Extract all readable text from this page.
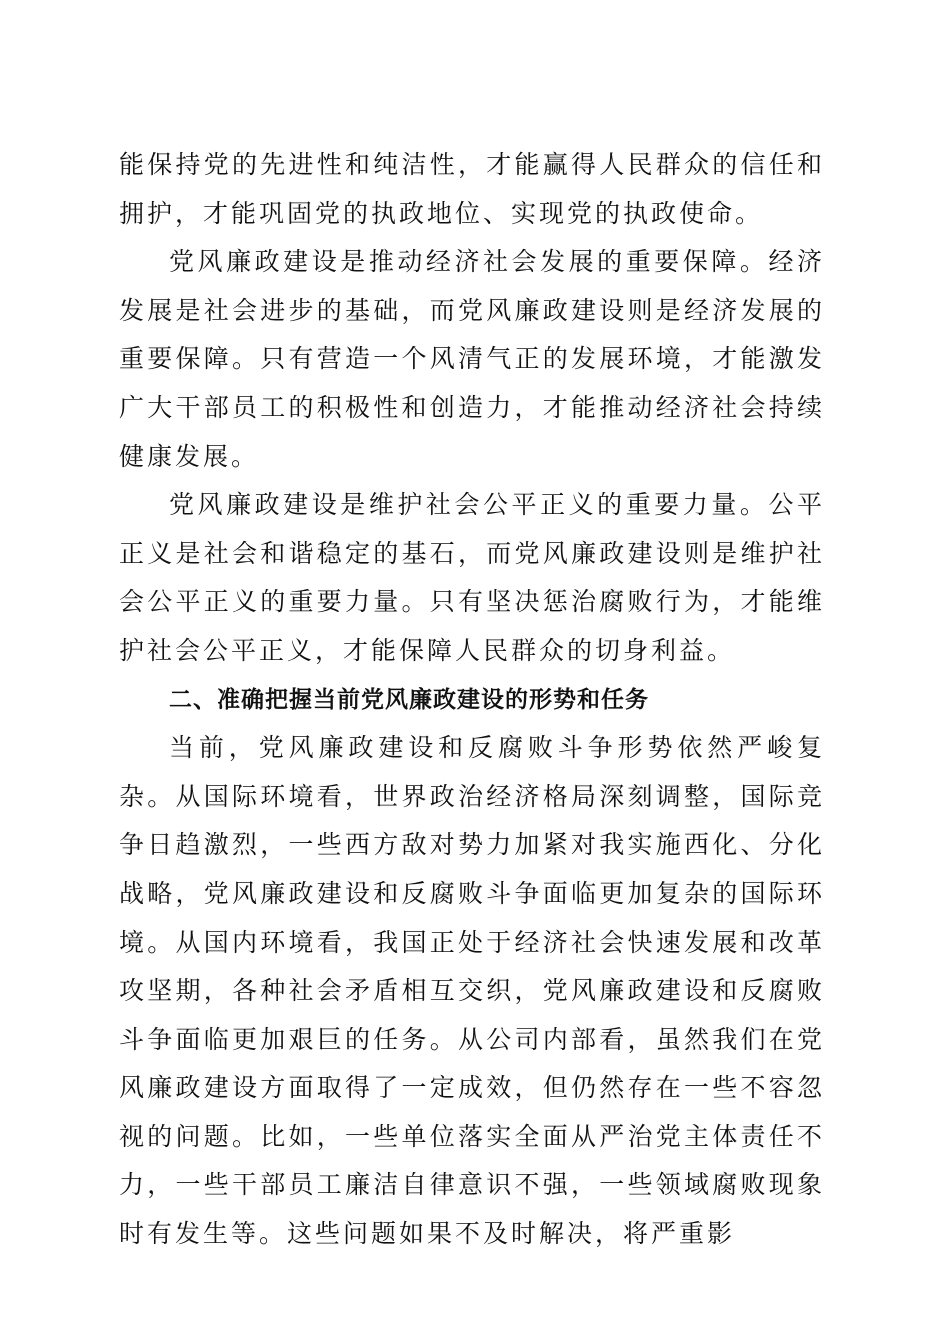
能保持党的先进性和纯洁性，才能赢得人民群众的信任和拥护，才能巩固党的执政地位、实现党的执政使命。

党风廉政建设是推动经济社会发展的重要保障。经济发展是社会进步的基础，而党风廉政建设则是经济发展的重要保障。只有营造一个风清气正的发展环境，才能激发广大干部员工的积极性和创造力，才能推动经济社会持续健康发展。

党风廉政建设是维护社会公平正义的重要力量。公平正义是社会和谐稳定的基石，而党风廉政建设则是维护社会公平正义的重要力量。只有坚决惩治腐败行为，才能维护社会公平正义，才能保障人民群众的切身利益。

二、准确把握当前党风廉政建设的形势和任务

当前，党风廉政建设和反腐败斗争形势依然严峻复杂。从国际环境看，世界政治经济格局深刻调整，国际竞争日趋激烈，一些西方敌对势力加紧对我实施西化、分化战略，党风廉政建设和反腐败斗争面临更加复杂的国际环境。从国内环境看，我国正处于经济社会快速发展和改革攻坚期，各种社会矛盾相互交织，党风廉政建设和反腐败斗争面临更加艰巨的任务。从公司内部看，虽然我们在党风廉政建设方面取得了一定成效，但仍然存在一些不容忽视的问题。比如，一些单位落实全面从严治党主体责任不力，一些干部员工廉洁自律意识不强，一些领域腐败现象时有发生等。这些问题如果不及时解决，将严重影
